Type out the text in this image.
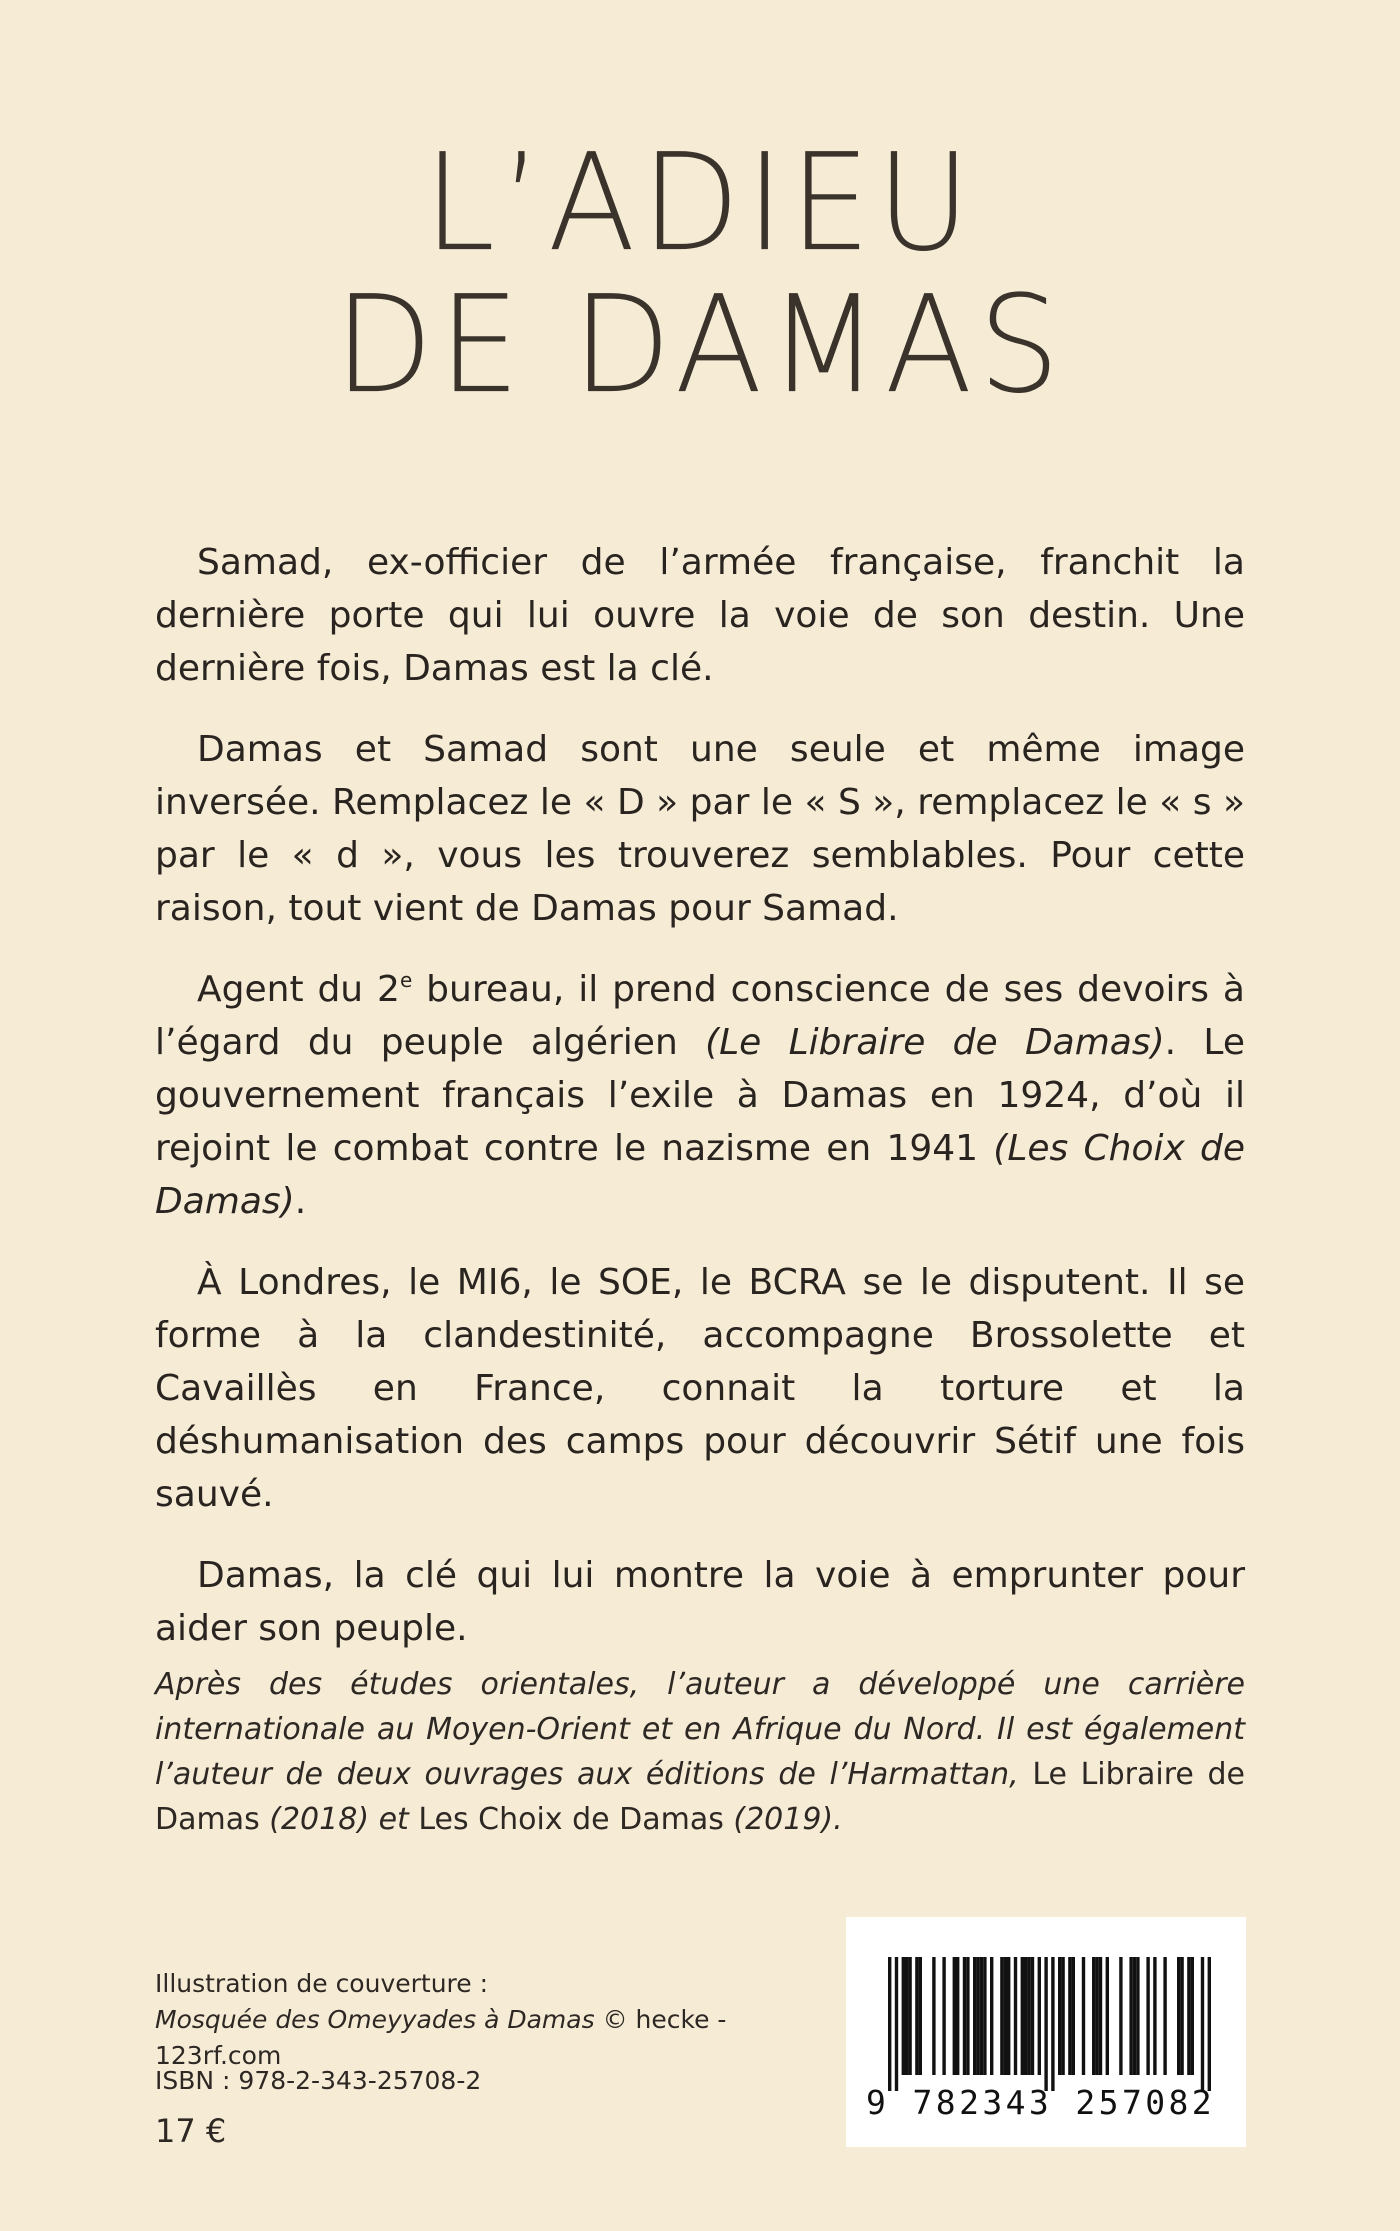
L’ADIEU
DE DAMAS

Samad, ex-officier de l’armée française, franchit la dernière porte qui lui ouvre la voie de son destin. Une dernière fois, Damas est la clé.

Damas et Samad sont une seule et même image inversée. Remplacez le « D » par le « S », remplacez le « s » par le « d », vous les trouverez semblables. Pour cette raison, tout vient de Damas pour Samad.

Agent du 2e bureau, il prend conscience de ses devoirs à l’égard du peuple algérien (Le Libraire de Damas). Le gouvernement français l’exile à Damas en 1924, d’où il rejoint le combat contre le nazisme en 1941 (Les Choix de Damas).

À Londres, le MI6, le SOE, le BCRA se le disputent. Il se forme à la clandestinité, accompagne Brossolette et Cavaillès en France, connait la torture et la déshumanisation des camps pour découvrir Sétif une fois sauvé.

Damas, la clé qui lui montre la voie à emprunter pour aider son peuple.

Après des études orientales, l’auteur a développé une carrière internationale au Moyen-Orient et en Afrique du Nord. Il est également l’auteur de deux ouvrages aux éditions de l’Harmattan, Le Libraire de Damas (2018) et Les Choix de Damas (2019).
Illustration de couverture :
Mosquée des Omeyyades à Damas © hecke - 123rf.com
ISBN : 978-2-343-25708-2
17 €
9 782343 257082
